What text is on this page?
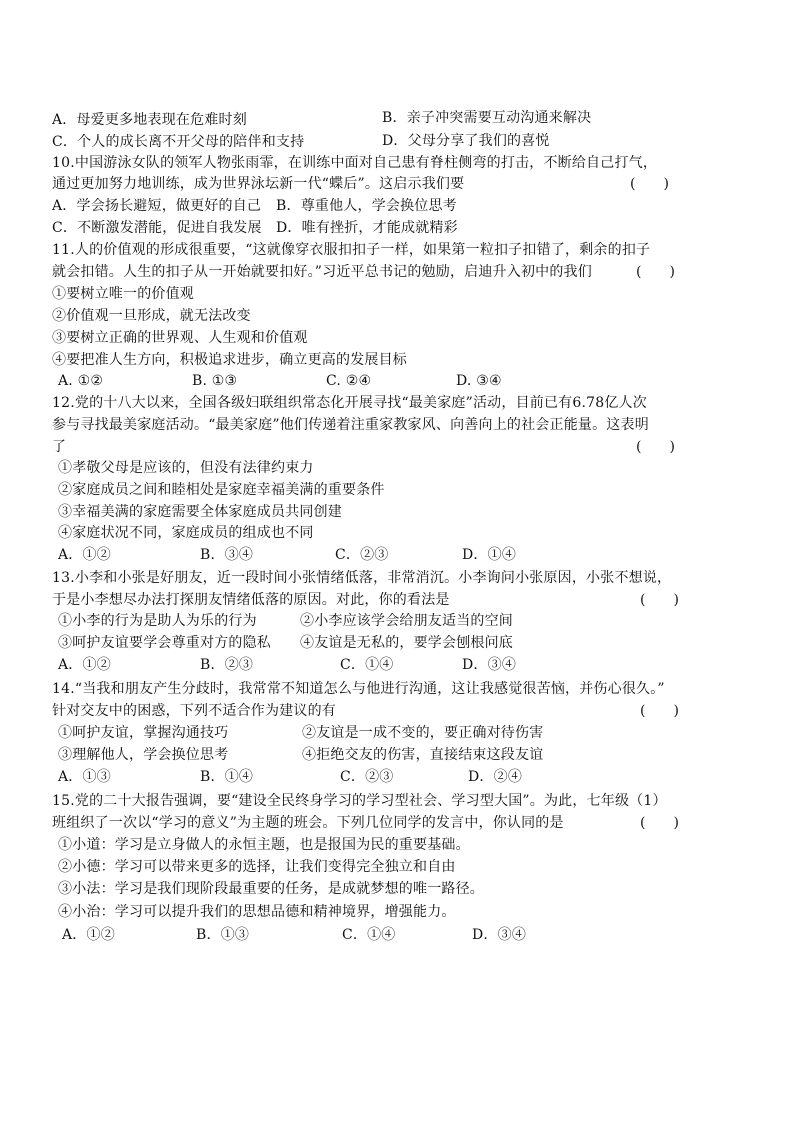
A．母爱更多地表现在危难时刻	B．亲子冲突需要互动沟通来解决
C．个人的成长离不开父母的陪伴和支持	D．父母分享了我们的喜悦
10.中国游泳女队的领军人物张雨霏，在训练中面对自己患有脊柱侧弯的打击，不断给自己打气，
通过更加努力地训练，成为世界泳坛新一代“蝶后”。这启示我们要	(　　)
A．学会扬长避短，做更好的自己 B．尊重他人，学会换位思考
C．不断激发潜能，促进自我发展 D．唯有挫折，才能成就精彩
11.人的价值观的形成很重要，“这就像穿衣服扣扣子一样，如果第一粒扣子扣错了，剩余的扣子
就会扣错。人生的扣子从一开始就要扣好。”习近平总书记的勉励，启迪升入初中的我们	(　　)
①要树立唯一的价值观
②价值观一旦形成，就无法改变
③要树立正确的世界观、人生观和价值观
④要把准人生方向，积极追求进步，确立更高的发展目标
A. ①②	B. ①③	C. ②④	D. ③④
12.党的十八大以来，全国各级妇联组织常态化开展寻找“最美家庭”活动，目前已有6.78亿人次
参与寻找最美家庭活动。“最美家庭”他们传递着注重家教家风、向善向上的社会正能量。这表明
了	(　　)
①孝敬父母是应该的，但没有法律约束力
②家庭成员之间和睦相处是家庭幸福美满的重要条件
③幸福美满的家庭需要全体家庭成员共同创建
④家庭状况不同，家庭成员的组成也不同
A．①②	B．③④	C．②③	D．①④
13.小李和小张是好朋友，近一段时间小张情绪低落，非常消沉。小李询问小张原因，小张不想说，
于是小李想尽办法打探朋友情绪低落的原因。对此，你的看法是	(　　)
①小李的行为是助人为乐的行为	②小李应该学会给朋友适当的空间
③呵护友谊要学会尊重对方的隐私 ④友谊是无私的，要学会刨根问底
A．①②	B．②③	C．①④	D．③④
14.“当我和朋友产生分歧时，我常常不知道怎么与他进行沟通，这让我感觉很苦恼，并伤心很久。”
针对交友中的困惑，下列不适合作为建议的有	(　　)
①呵护友谊，掌握沟通技巧	②友谊是一成不变的，要正确对待伤害
③理解他人，学会换位思考	④拒绝交友的伤害，直接结束这段友谊
A．①③	B．①④	C．②③	D．②④
15.党的二十大报告强调，要“建设全民终身学习的学习型社会、学习型大国”。为此，七年级（1）
班组织了一次以“学习的意义”为主题的班会。下列几位同学的发言中，你认同的是	(　　)
①小道：学习是立身做人的永恒主题，也是报国为民的重要基础。
②小德：学习可以带来更多的选择，让我们变得完全独立和自由
③小法：学习是我们现阶段最重要的任务，是成就梦想的唯一路径。
④小治：学习可以提升我们的思想品德和精神境界，增强能力。
A．①②	B．①③	C．①④	D．③④
